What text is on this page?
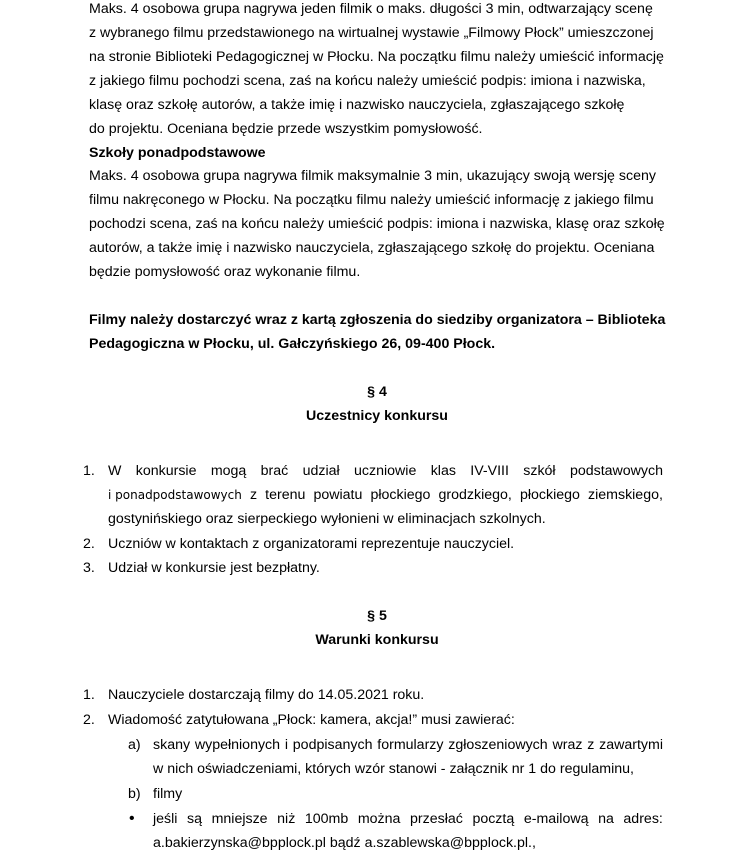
Maks. 4 osobowa grupa nagrywa jeden filmik o maks. długości 3 min, odtwarzający scenę
z wybranego filmu przedstawionego na wirtualnej wystawie „Filmowy Płock” umieszczonej
na stronie Biblioteki Pedagogicznej w Płocku. Na początku filmu należy umieścić informację
z jakiego filmu pochodzi scena, zaś na końcu należy umieścić podpis: imiona i nazwiska,
klasę oraz szkołę autorów, a także imię i nazwisko nauczyciela, zgłaszającego szkołę
do projektu. Oceniana będzie przede wszystkim pomysłowość.
Szkoły ponadpodstawowe
Maks. 4 osobowa grupa nagrywa filmik maksymalnie 3 min, ukazujący swoją wersję sceny
filmu nakręconego w Płocku. Na początku filmu należy umieścić informację z jakiego filmu
pochodzi scena, zaś na końcu należy umieścić podpis: imiona i nazwiska, klasę oraz szkołę
autorów, a także imię i nazwisko nauczyciela, zgłaszającego szkołę do projektu. Oceniana
będzie pomysłowość oraz wykonanie filmu.
Filmy należy dostarczyć wraz z kartą zgłoszenia do siedziby organizatora – Biblioteka
Pedagogiczna w Płocku, ul. Gałczyńskiego 26, 09-400 Płock.
§ 4
Uczestnicy konkursu
1. W konkursie mogą brać udział uczniowie klas IV-VIII szkół podstawowych
i ponadpodstawowych z terenu powiatu płockiego grodzkiego, płockiego ziemskiego,
gostynińskiego oraz sierpeckiego wyłonieni w eliminacjach szkolnych.
2. Uczniów w kontaktach z organizatorami reprezentuje nauczyciel.
3. Udział w konkursie jest bezpłatny.
§ 5
Warunki konkursu
1. Nauczyciele dostarczają filmy do 14.05.2021 roku.
2. Wiadomość zatytułowana „Płock: kamera, akcja!” musi zawierać:
a) skany wypełnionych i podpisanych formularzy zgłoszeniowych wraz z zawartymi
w nich oświadczeniami, których wzór stanowi - załącznik nr 1 do regulaminu,
b) filmy
• jeśli są mniejsze niż 100mb można przesłać pocztą e-mailową na adres:
a.bakierzynska@bpplock.pl bądź a.szablewska@bpplock.pl.,
